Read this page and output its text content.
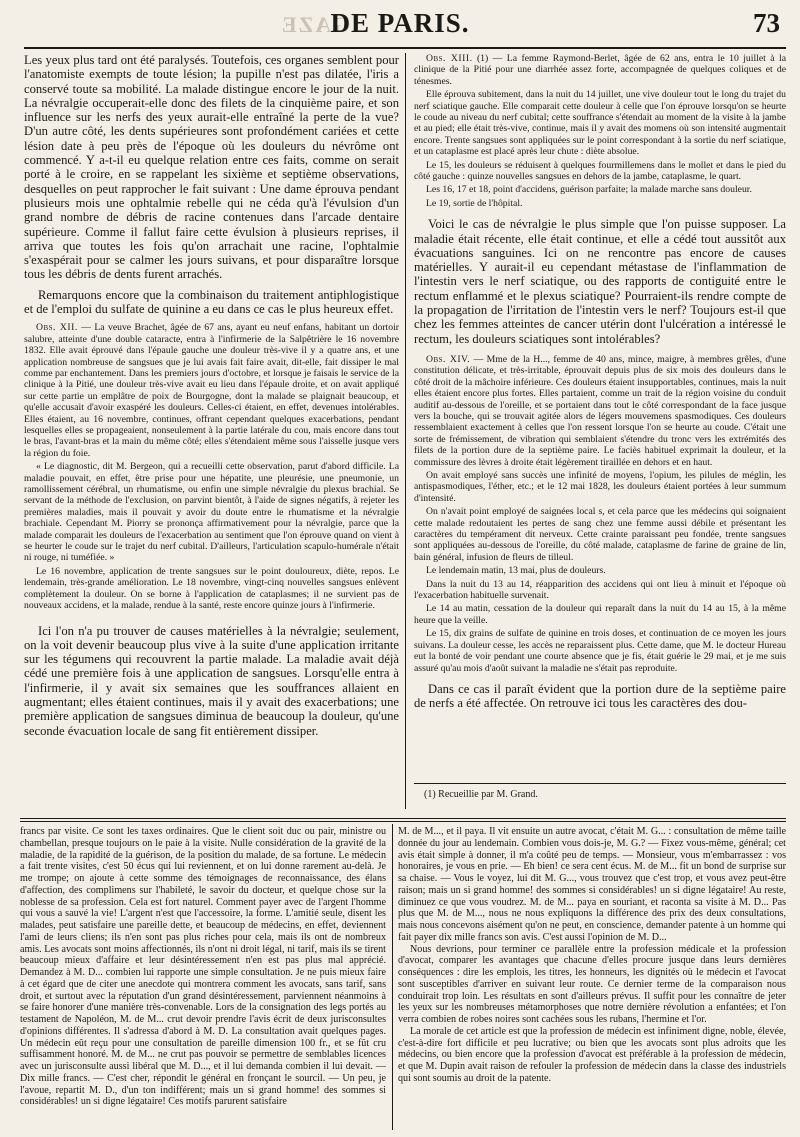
GAZE
DE PARIS.	73

Les yeux plus tard ont été paralysés. Toutefois, ces organes semblent pour l'anatomiste exempts de toute lésion; la pupille n'est pas dilatée, l'iris a conservé toute sa mobilité. La malade distingue encore le jour de la nuit. La névralgie occuperait-elle donc des filets de la cinquième paire, et son influence sur les nerfs des yeux aurait-elle entraîné la perte de la vue? D'un autre côté, les dents supérieures sont profondément cariées et cette lésion date à peu près de l'époque où les douleurs du névrôme ont commencé. Y a-t-il eu quelque relation entre ces faits, comme on serait porté à le croire, en se rappelant les sixième et septième observations, desquelles on peut rapprocher le fait suivant : Une dame éprouva pendant plusieurs mois une ophtalmie rebelle qui ne céda qu'à l'évulsion d'un grand nombre de débris de racine contenues dans l'arcade dentaire supérieure. Comme il fallut faire cette évulsion à plusieurs reprises, il arriva que toutes les fois qu'on arrachait une racine, l'ophtalmie s'exaspérait pour se calmer les jours suivans, et pour disparaître lorsque tous les débris de dents furent arrachés.

Remarquons encore que la combinaison du traitement antiphlogistique et de l'emploi du sulfate de quinine a eu dans ce cas le plus heureux effet.

Obs. XII. — La veuve Brachet, âgée de 67 ans, ayant eu neuf enfans, habitant un dortoir salubre, atteinte d'une double cataracte, entra à l'infirmerie de la Salpêtrière le 16 novembre 1832. Elle avait éprouvé dans l'épaule gauche une douleur très-vive il y a quatre ans, et une application nombreuse de sangsues que je lui avais fait faire avait, dit-elle, fait dissiper le mal comme par enchantement. Dans les premiers jours d'octobre, et lorsque je faisais le service de la clinique à la Pitié, une douleur très-vive avait eu lieu dans l'épaule droite, et on avait appliqué sur cette partie un emplâtre de poix de Bourgogne, dont la malade se plaignait beaucoup, et qu'elle accusait d'avoir exaspéré les douleurs. Celles-ci étaient, en effet, devenues intolérables. Elles étaient, au 16 novembre, continues, offrant cependant quelques exacerbations, pendant lesquelles elles se propageaient, nonseulement à la partie latérale du cou, mais encore dans tout le bras, l'avant-bras et la main du même côté; elles s'étendaient même sous l'aisselle jusque vers la région du foie.

« Le diagnostic, dit M. Bergeon, qui a recueilli cette observation, parut d'abord difficile. La maladie pouvait, en effet, être prise pour une hépatite, une pleurésie, une pneumonie, un ramollissement cérébral, un rhumatisme, ou enfin une simple névralgie du plexus brachial. Se servant de la méthode de l'exclusion, on parvint bientôt, à l'aide de signes négatifs, à rejeter les premières maladies, mais il pouvait y avoir du doute entre le rhumatisme et la névralgie brachiale. Cependant M. Piorry se prononça affirmativement pour la névralgie, parce que la malade comparait les douleurs de l'exacerbation au sentiment que l'on éprouve quand on vient à se heurter le coude sur le trajet du nerf cubital. D'ailleurs, l'articulation scapulo-humérale n'était ni rouge, ni tuméfiée. »

Le 16 novembre, application de trente sangsues sur le point douloureux, diète, repos. Le lendemain, très-grande amélioration. Le 18 novembre, vingt-cinq nouvelles sangsues enlèvent complètement la douleur. On se borne à l'application de cataplasmes; il ne survient pas de nouveaux accidens, et la malade, rendue à la santé, reste encore quinze jours à l'infirmerie.

Ici l'on n'a pu trouver de causes matérielles à la névralgie; seulement, on la voit devenir beaucoup plus vive à la suite d'une application irritante sur les tégumens qui recouvrent la partie malade. La maladie avait déjà cédé une première fois à une application de sangsues. Lorsqu'elle entra à l'infirmerie, il y avait six semaines que les souffrances allaient en augmentant; elles étaient continues, mais il y avait des exacerbations; une première application de sangsues diminua de beaucoup la douleur, qu'une seconde évacuation locale de sang fit entièrement dissiper.

Obs. XIII. (1) — La femme Raymond-Berlet, âgée de 62 ans, entra le 10 juillet à la clinique de la Pitié pour une diarrhée assez forte, accompagnée de quelques coliques et de ténesmes.

Elle éprouva subitement, dans la nuit du 14 juillet, une vive douleur tout le long du trajet du nerf sciatique gauche. Elle comparait cette douleur à celle que l'on éprouve lorsqu'on se heurte le coude au niveau du nerf cubital; cette souffrance s'étendait au moment de la visite à la jambe et au pied; elle était très-vive, continue, mais il y avait des momens où son intensité augmentait encore. Trente sangsues sont appliquées sur le point correspondant à la sortie du nerf sciatique, et un cataplasme est placé après leur chute : diète absolue.

Le 15, les douleurs se réduisent à quelques fourmillemens dans le mollet et dans le pied du côté gauche : quinze nouvelles sangsues en dehors de la jambe, cataplasme, le quart.

Les 16, 17 et 18, point d'accidens, guérison parfaite; la malade marche sans douleur.

Le 19, sortie de l'hôpital.

Voici le cas de névralgie le plus simple que l'on puisse supposer. La maladie était récente, elle était continue, et elle a cédé tout aussitôt aux évacuations sanguines. Ici on ne rencontre pas encore de causes matérielles. Y aurait-il eu cependant métastase de l'inflammation de l'intestin vers le nerf sciatique, ou des rapports de contiguité entre le rectum enflammé et le plexus sciatique? Pourraient-ils rendre compte de la propagation de l'irritation de l'intestin vers le nerf? Toujours est-il que chez les femmes atteintes de cancer utérin dont l'ulcération a intéressé le rectum, les douleurs sciatiques sont intolérables?

Obs. XIV. — Mme de la H..., femme de 40 ans, mince, maigre, à membres grêles, d'une constitution délicate, et très-irritable, éprouvait depuis plus de six mois des douleurs dans le côté droit de la mâchoire inférieure. Ces douleurs étaient insupportables, continues, mais la nuit elles étaient encore plus fortes. Elles partaient, comme un trait de la région voisine du conduit auditif au-dessous de l'oreille, et se portaient dans tout le côté correspondant de la face jusque vers la bouche, qui se trouvait agitée alors de légers mouvemens spasmodiques. Ces douleurs ressemblaient exactement à celles que l'on ressent lorsque l'on se heurte au coude. C'était une sorte de frémissement, de vibration qui semblaient s'étendre du tronc vers les extrémités des filets de la portion dure de la septième paire. Le faciès habituel exprimait la douleur, et la commissure des lèvres à droite était légèrement tiraillée en dehors et en haut.

On avait employé sans succès une infinité de moyens, l'opium, les pilules de méglin, les antispasmodiques, l'éther, etc.; et le 12 mai 1828, les douleurs étaient portées à leur summum d'intensité.

On n'avait point employé de saignées local s, et cela parce que les médecins qui soignaient cette malade redoutaient les pertes de sang chez une femme aussi débile et présentant les caractères du tempérament dit nerveux. Cette crainte paraissant peu fondée, trente sangsues sont appliquées au-dessous de l'oreille, du côté malade, cataplasme de farine de graine de lin, bain général, infusion de fleurs de tilleul.

Le lendemain matin, 13 mai, plus de douleurs.

Dans la nuit du 13 au 14, réapparition des accidens qui ont lieu à minuit et l'époque où l'exacerbation habituelle survenait.

Le 14 au matin, cessation de la douleur qui reparaît dans la nuit du 14 au 15, à la même heure que la veille.

Le 15, dix grains de sulfate de quinine en trois doses, et continuation de ce moyen les jours suivans. La douleur cesse, les accès ne reparaissent plus. Cette dame, que M. le docteur Hureau eut la bonté de voir pendant une courte absence que je fis, était guérie le 29 mai, et je me suis assuré qu'au mois d'août suivant la maladie ne s'était pas reproduite.

Dans ce cas il paraît évident que la portion dure de la septième paire de nerfs a été affectée. On retrouve ici tous les caractères des dou-

(1) Recueillie par M. Grand.

francs par visite. Ce sont les taxes ordinaires. Que le client soit duc ou pair, ministre ou chambellan, presque toujours on le paie à la visite. Nulle considération de la gravité de la maladie, de la rapidité de la guérison, de la position du malade, de sa fortune. Le médecin a fait trente visites, c'est 50 écus qui lui reviennent, et on lui donne rarement au-delà. Je me trompe; on ajoute à cette somme des témoignages de reconnaissance, des élans d'affection, des complimens sur l'habileté, le savoir du docteur, et quelque chose sur la noblesse de sa profession. Cela est fort naturel. Comment payer avec de l'argent l'homme qui vous a sauvé la vie! L'argent n'est que l'accessoire, la forme. L'amitié seule, disent les malades, peut satisfaire une pareille dette, et beaucoup de médecins, en effet, deviennent l'ami de leurs cliens; ils n'en sont pas plus riches pour cela, mais ils ont de nombreux amis. Les avocats sont moins affectionnés, ils n'ont ni droit légal, ni tarif, mais ils se tirent beaucoup mieux d'affaire et leur désintéressement n'en est pas plus mal apprécié. Demandez à M. D... combien lui rapporte une simple consultation. Je ne puis mieux faire à cet égard que de citer une anecdote qui montrera comment les avocats, sans tarif, sans droit, et surtout avec la réputation d'un grand désintéressement, parviennent néanmoins à se faire honorer d'une manière très-convenable. Lors de la consignation des legs portés au testament de Napoléon, M. de M... crut devoir prendre l'avis écrit de deux jurisconsultes d'opinions différentes. Il s'adressa d'abord à M. D. La consultation avait quelques pages. Un médecin eût reçu pour une consultation de pareille dimension 100 fr., et se fût cru suffisamment honoré. M. de M... ne crut pas pouvoir se permettre de semblables licences avec un jurisconsulte aussi libéral que M. D..., et il lui demanda combien il lui devait. — Dix mille francs. — C'est cher, répondit le général en fronçant le sourcil. — Un peu, je l'avoue, repartit M. D., d'un ton indifférent; mais un si grand homme! des sommes si considérables! un si digne légataire! Ces motifs parurent satisfaire

M. de M..., et il paya. Il vit ensuite un autre avocat, c'était M. G... : consultation de même taille donnée du jour au lendemain. Combien vous dois-je, M. G.? — Fixez vous-même, général; cet avis était simple à donner, il m'a coûté peu de temps. — Monsieur, vous m'embarrassez : vos honoraires, je vous en prie. — Eh bien! ce sera cent écus. M. de M... fit un bond de surprise sur sa chaise. — Vous le voyez, lui dit M. G..., vous trouvez que c'est trop, et vous avez peut-être raison; mais un si grand homme! des sommes si considérables! un si digne légataire! Au reste, diminuez ce que vous voudrez. M. de M... paya en souriant, et raconta sa visite à M. D... Pas plus que M. de M..., nous ne nous expliquons la différence des prix des deux consultations, mais nous concevons aisément qu'on ne peut, en conscience, demander patente à un homme qui fait payer dix mille francs son avis. C'est aussi l'opinion de M. D...

Nous devrions, pour terminer ce parallèle entre la profession médicale et la profession d'avocat, comparer les avantages que chacune d'elles procure jusque dans leurs dernières conséquences : dire les emplois, les titres, les honneurs, les dignités où le médecin et l'avocat sont susceptibles d'arriver en suivant leur route. Ce dernier terme de la comparaison nous conduirait trop loin. Les résultats en sont d'ailleurs prévus. Il suffit pour les connaître de jeter les yeux sur les nombreuses métamorphoses que notre dernière révolution a enfantées; et l'on verra combien de robes noires sont cachées sous les rubans, l'hermine et l'or.

La morale de cet article est que la profession de médecin est infiniment digne, noble, élevée, c'est-à-dire fort difficile et peu lucrative; ou bien que les avocats sont plus adroits que les médecins, ou bien encore que la profession d'avocat est préférable à la profession de médecin, et que M. Dupin avait raison de refouler la profession de médecin dans la classe des industriels qui sont soumis au droit de la patente.
